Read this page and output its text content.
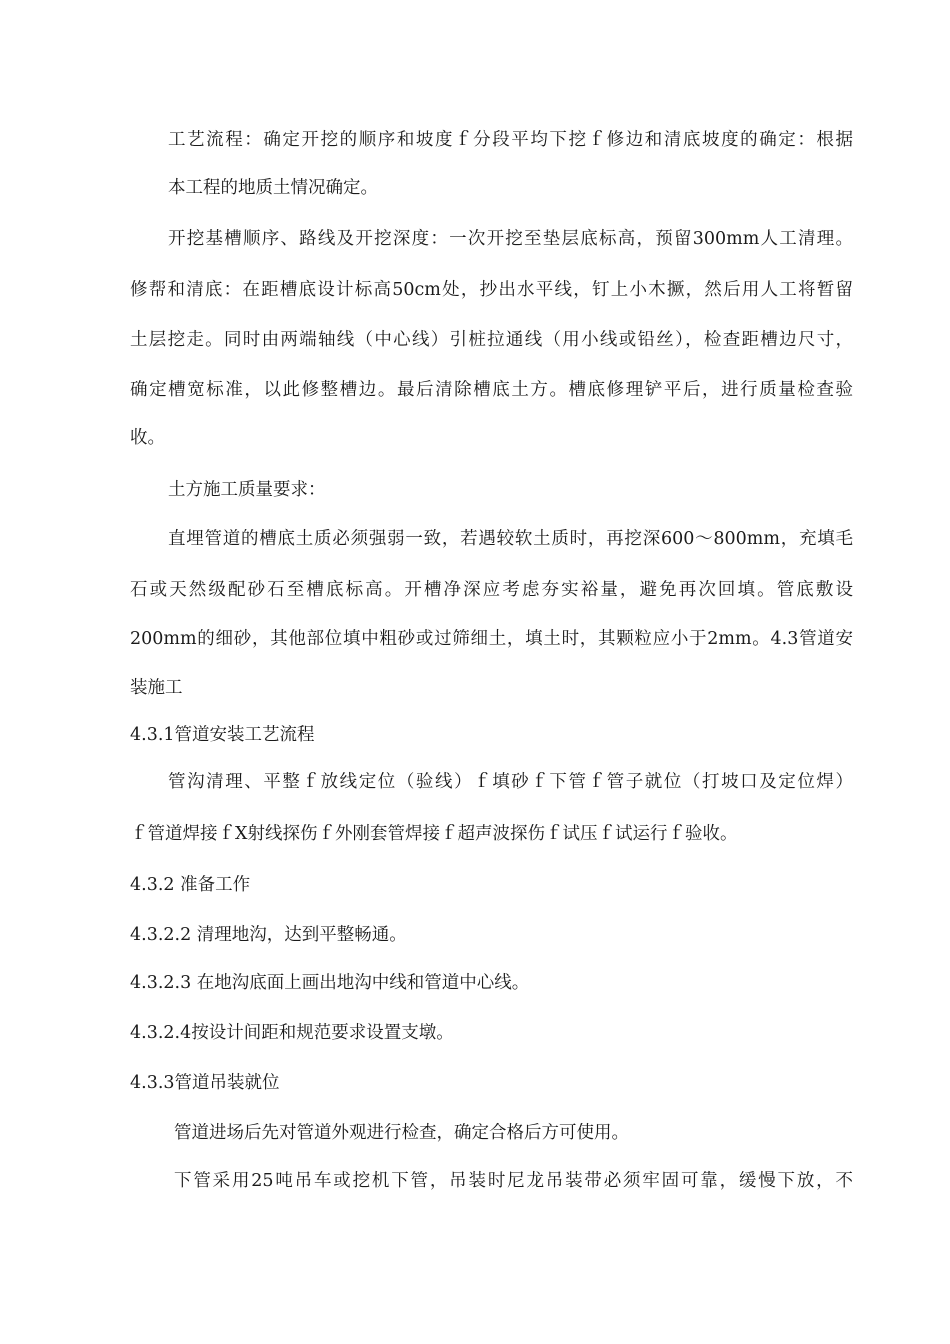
工艺流程：确定开挖的顺序和坡度ｆ分段平均下挖ｆ修边和清底坡度的确定：根据

本工程的地质土情况确定。

开挖基槽顺序、路线及开挖深度：一次开挖至垫层底标高，预留300mm人工清理。

修帮和清底：在距槽底设计标高50cm处，抄出水平线，钉上小木撅，然后用人工将暂留

土层挖走。同时由两端轴线（中心线）引桩拉通线（用小线或铅丝），检查距槽边尺寸，

确定槽宽标准，以此修整槽边。最后清除槽底土方。槽底修理铲平后，进行质量检查验

收。

土方施工质量要求：

直埋管道的槽底土质必须强弱一致，若遇较软土质时，再挖深600〜800mm，充填毛

石或天然级配砂石至槽底标高。开槽净深应考虑夯实裕量，避免再次回填。管底敷设

200mm的细砂，其他部位填中粗砂或过筛细土，填土时，其颗粒应小于2mm。4.3管道安

装施工

4.3.1管道安装工艺流程

管沟清理、平整ｆ放线定位（验线）ｆ填砂ｆ下管ｆ管子就位（打坡口及定位焊）

ｆ管道焊接ｆX射线探伤ｆ外刚套管焊接ｆ超声波探伤ｆ试压ｆ试运行ｆ验收。

4.3.2 准备工作

4.3.2.2 清理地沟，达到平整畅通。

4.3.2.3 在地沟底面上画出地沟中线和管道中心线。

4.3.2.4按设计间距和规范要求设置支墩。

4.3.3管道吊装就位

管道进场后先对管道外观进行检查，确定合格后方可使用。

下管采用25吨吊车或挖机下管，吊装时尼龙吊装带必须牢固可靠，缓慢下放，不
